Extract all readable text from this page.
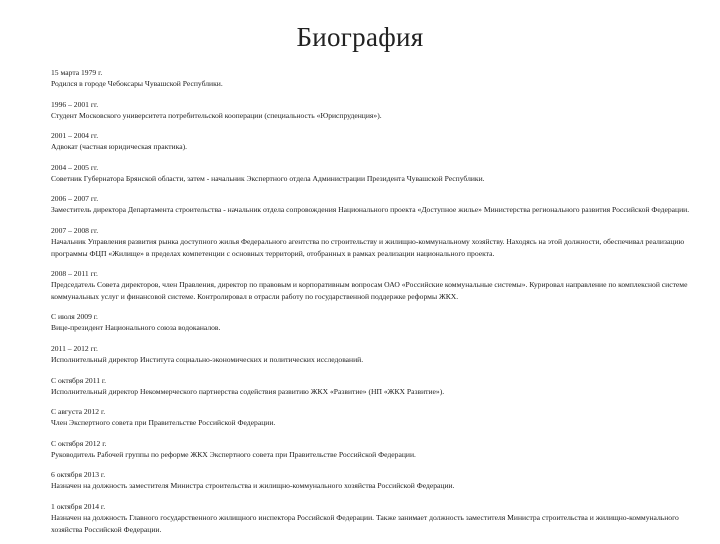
Биография
15 марта 1979 г.
Родился в городе Чебоксары Чувашской Республики.
1996 – 2001 гг.
Студент Московского университета потребительской кооперации (специальность «Юриспруденция»).
2001 – 2004 гг.
Адвокат (частная юридическая практика).
2004 – 2005 гг.
Советник Губернатора Брянской области, затем - начальник Экспертного отдела Администрации Президента Чувашской Республики.
2006 – 2007 гг.
Заместитель директора Департамента строительства - начальник отдела сопровождения Национального проекта «Доступное жилье» Министерства регионального развития Российской Федерации.
2007 – 2008 гг.
Начальник Управления развития рынка доступного жилья Федерального агентства по строительству и жилищно-коммунальному хозяйству. Находясь на этой должности, обеспечивал реализацию программы ФЦП «Жилище» в пределах компетенции с основных территорий, отобранных в рамках реализации национального проекта.
2008 – 2011 гг.
Председатель Совета директоров, член Правления, директор по правовым и корпоративным вопросам ОАО «Российские коммунальные системы». Курировал направление по комплексной системе коммунальных услуг и финансовой системе. Контролировал в отрасли работу по государственной поддержке реформы ЖКХ.
С июля 2009 г.
Вице-президент Национального союза водоканалов.
2011 – 2012 гг.
Исполнительный директор Института социально-экономических и политических исследований.
С октября 2011 г.
Исполнительный директор Некоммерческого партнерства содействия развитию ЖКХ «Развитие» (НП «ЖКХ Развитие»).
С августа 2012 г.
Член Экспертного совета при Правительстве Российской Федерации.
С октября 2012 г.
Руководитель Рабочей группы по реформе ЖКХ Экспертного совета при Правительстве Российской Федерации.
6 октября 2013 г.
Назначен на должность заместителя Министра строительства и жилищно-коммунального хозяйства Российской Федерации.
1 октября 2014 г.
Назначен на должность Главного государственного жилищного инспектора Российской Федерации. Также занимает должность заместителя Министра строительства и жилищно-коммунального хозяйства Российской Федерации.
